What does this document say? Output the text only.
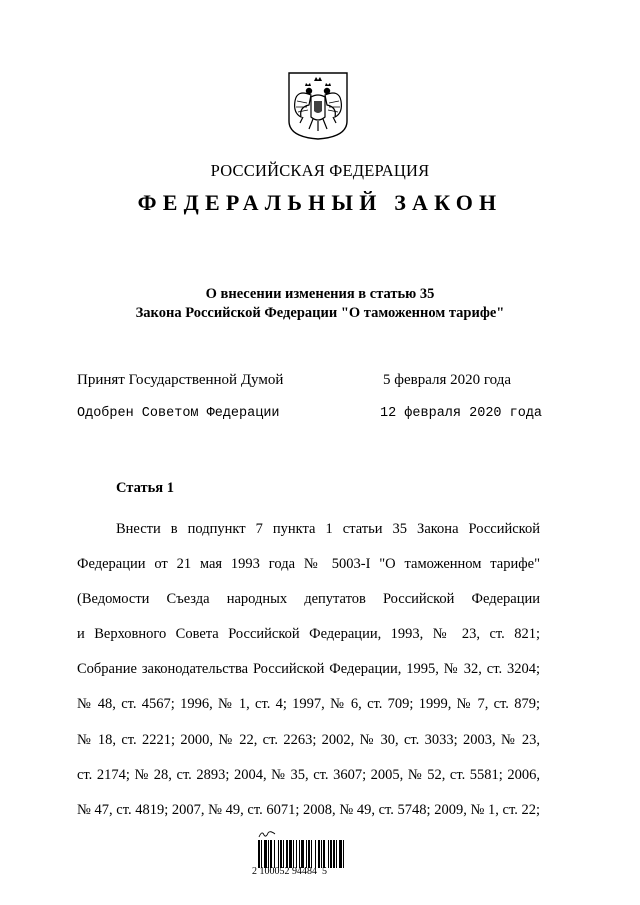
РОССИЙСКАЯ ФЕДЕРАЦИЯ
ФЕДЕРАЛЬНЫЙ ЗАКОН
О внесении изменения в статью 35
Закона Российской Федерации "О таможенном тарифе"
Принят Государственной Думой	5 февраля 2020 года
Одобрен Советом Федерации	12 февраля 2020 года
Статья 1
Внести в подпункт 7 пункта 1 статьи 35 Закона Российской
Федерации от 21 мая 1993 года № 5003-I "О таможенном тарифе"
(Ведомости Съезда народных депутатов Российской Федерации
и Верховного Совета Российской Федерации, 1993, № 23, ст. 821;
Собрание законодательства Российской Федерации, 1995, № 32, ст. 3204;
№ 48, ст. 4567; 1996, № 1, ст. 4; 1997, № 6, ст. 709; 1999, № 7, ст. 879;
№ 18, ст. 2221; 2000, № 22, ст. 2263; 2002, № 30, ст. 3033; 2003, № 23,
ст. 2174; № 28, ст. 2893; 2004, № 35, ст. 3607; 2005, № 52, ст. 5581; 2006,
№ 47, ст. 4819; 2007, № 49, ст. 6071; 2008, № 49, ст. 5748; 2009, № 1, ст. 22;
2 100052 94484  5
